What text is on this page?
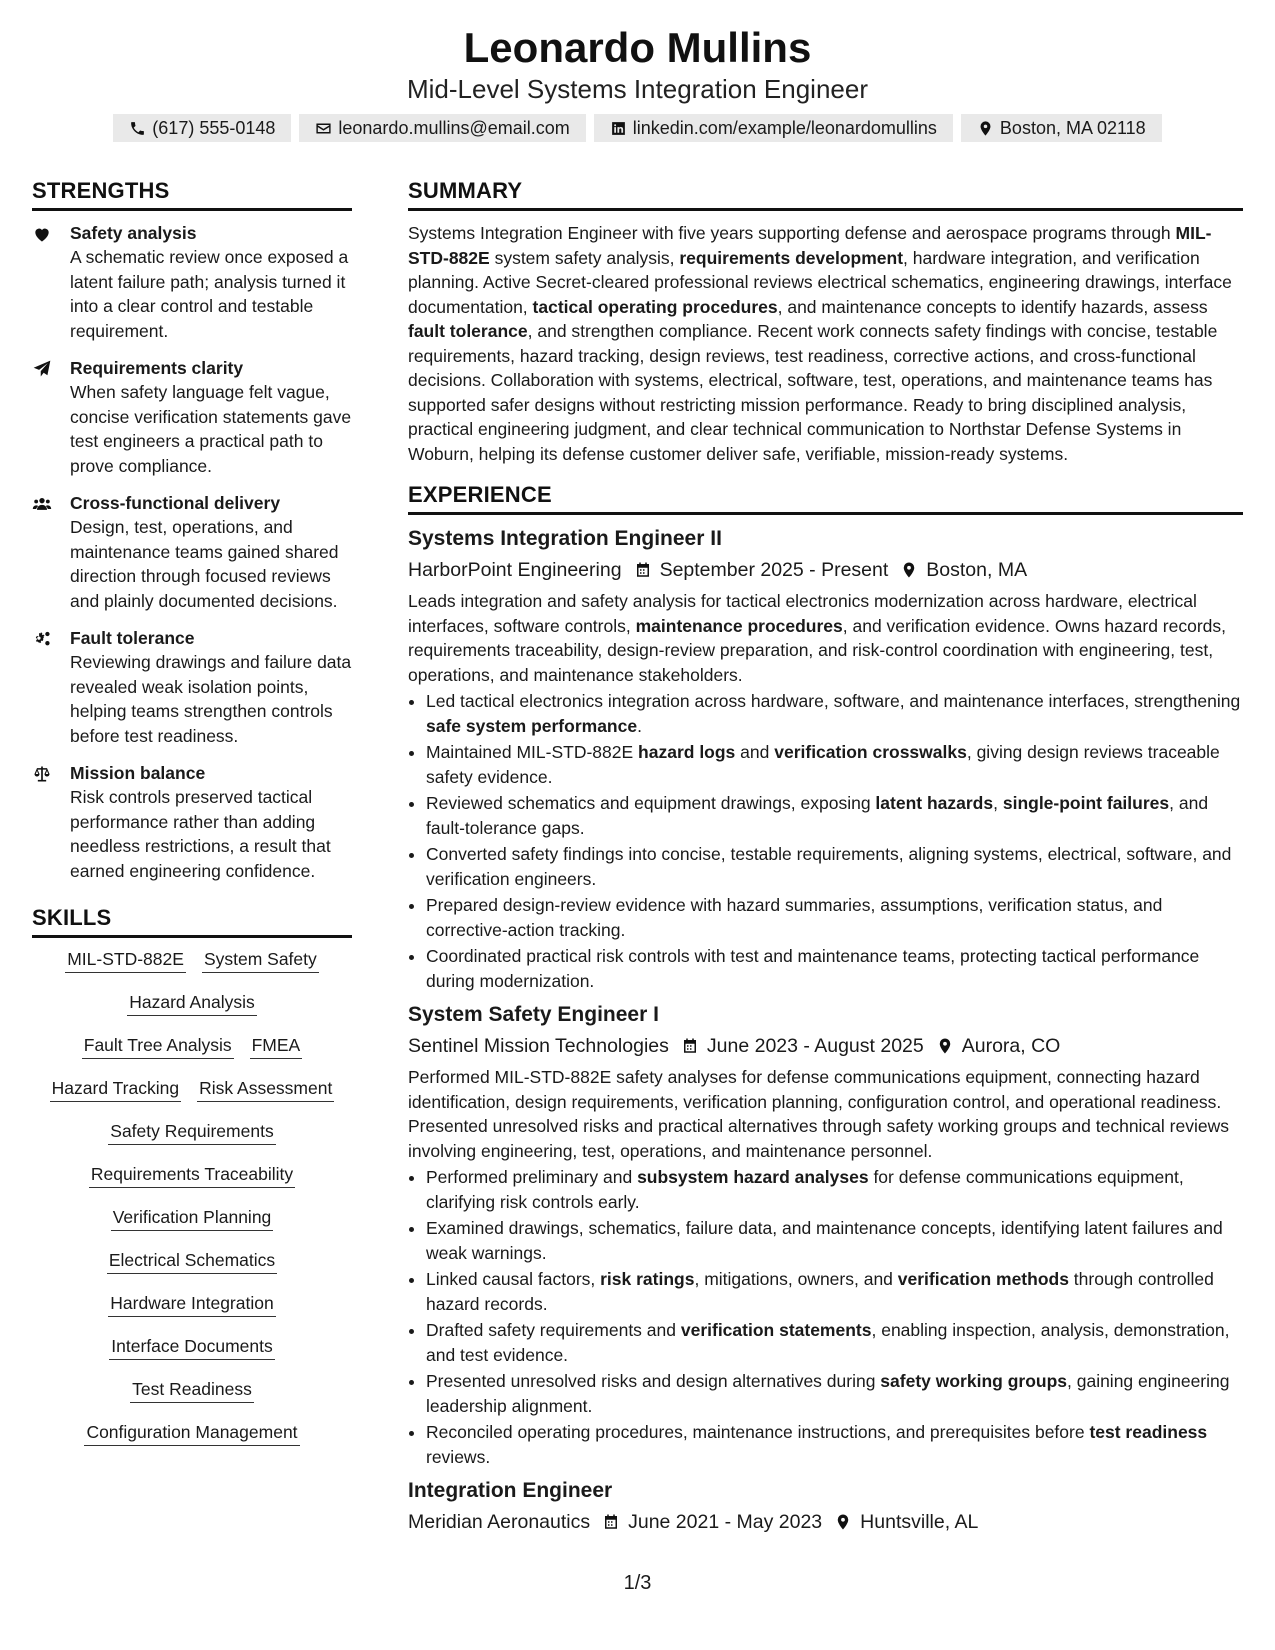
Leonardo Mullins
Mid-Level Systems Integration Engineer
(617) 555-0148	leonardo.mullins@email.com	linkedin.com/example/leonardomullins	Boston, MA 02118
STRENGTHS
Safety analysis
A schematic review once exposed a latent failure path; analysis turned it into a clear control and testable requirement.
Requirements clarity
When safety language felt vague, concise verification statements gave test engineers a practical path to prove compliance.
Cross-functional delivery
Design, test, operations, and maintenance teams gained shared direction through focused reviews and plainly documented decisions.
Fault tolerance
Reviewing drawings and failure data revealed weak isolation points, helping teams strengthen controls before test readiness.
Mission balance
Risk controls preserved tactical performance rather than adding needless restrictions, a result that earned engineering confidence.
SKILLS
MIL-STD-882E System Safety
Hazard Analysis
Fault Tree Analysis FMEA
Hazard Tracking Risk Assessment
Safety Requirements
Requirements Traceability
Verification Planning
Electrical Schematics
Hardware Integration
Interface Documents
Test Readiness
Configuration Management
SUMMARY
Systems Integration Engineer with five years supporting defense and aerospace programs through MIL-STD-882E system safety analysis, requirements development, hardware integration, and verification planning. Active Secret-cleared professional reviews electrical schematics, engineering drawings, interface documentation, tactical operating procedures, and maintenance concepts to identify hazards, assess fault tolerance, and strengthen compliance. Recent work connects safety findings with concise, testable requirements, hazard tracking, design reviews, test readiness, corrective actions, and cross-functional decisions. Collaboration with systems, electrical, software, test, operations, and maintenance teams has supported safer designs without restricting mission performance. Ready to bring disciplined analysis, practical engineering judgment, and clear technical communication to Northstar Defense Systems in Woburn, helping its defense customer deliver safe, verifiable, mission-ready systems.
EXPERIENCE
Systems Integration Engineer II
HarborPoint Engineering September 2025 - Present Boston, MA
Leads integration and safety analysis for tactical electronics modernization across hardware, electrical interfaces, software controls, maintenance procedures, and verification evidence. Owns hazard records, requirements traceability, design-review preparation, and risk-control coordination with engineering, test, operations, and maintenance stakeholders.
• Led tactical electronics integration across hardware, software, and maintenance interfaces, strengthening safe system performance.
• Maintained MIL-STD-882E hazard logs and verification crosswalks, giving design reviews traceable safety evidence.
• Reviewed schematics and equipment drawings, exposing latent hazards, single-point failures, and fault-tolerance gaps.
• Converted safety findings into concise, testable requirements, aligning systems, electrical, software, and verification engineers.
• Prepared design-review evidence with hazard summaries, assumptions, verification status, and corrective-action tracking.
• Coordinated practical risk controls with test and maintenance teams, protecting tactical performance during modernization.
System Safety Engineer I
Sentinel Mission Technologies June 2023 - August 2025 Aurora, CO
Performed MIL-STD-882E safety analyses for defense communications equipment, connecting hazard identification, design requirements, verification planning, configuration control, and operational readiness. Presented unresolved risks and practical alternatives through safety working groups and technical reviews involving engineering, test, operations, and maintenance personnel.
• Performed preliminary and subsystem hazard analyses for defense communications equipment, clarifying risk controls early.
• Examined drawings, schematics, failure data, and maintenance concepts, identifying latent failures and weak warnings.
• Linked causal factors, risk ratings, mitigations, owners, and verification methods through controlled hazard records.
• Drafted safety requirements and verification statements, enabling inspection, analysis, demonstration, and test evidence.
• Presented unresolved risks and design alternatives during safety working groups, gaining engineering leadership alignment.
• Reconciled operating procedures, maintenance instructions, and prerequisites before test readiness reviews.
Integration Engineer
Meridian Aeronautics June 2021 - May 2023 Huntsville, AL
1/3
